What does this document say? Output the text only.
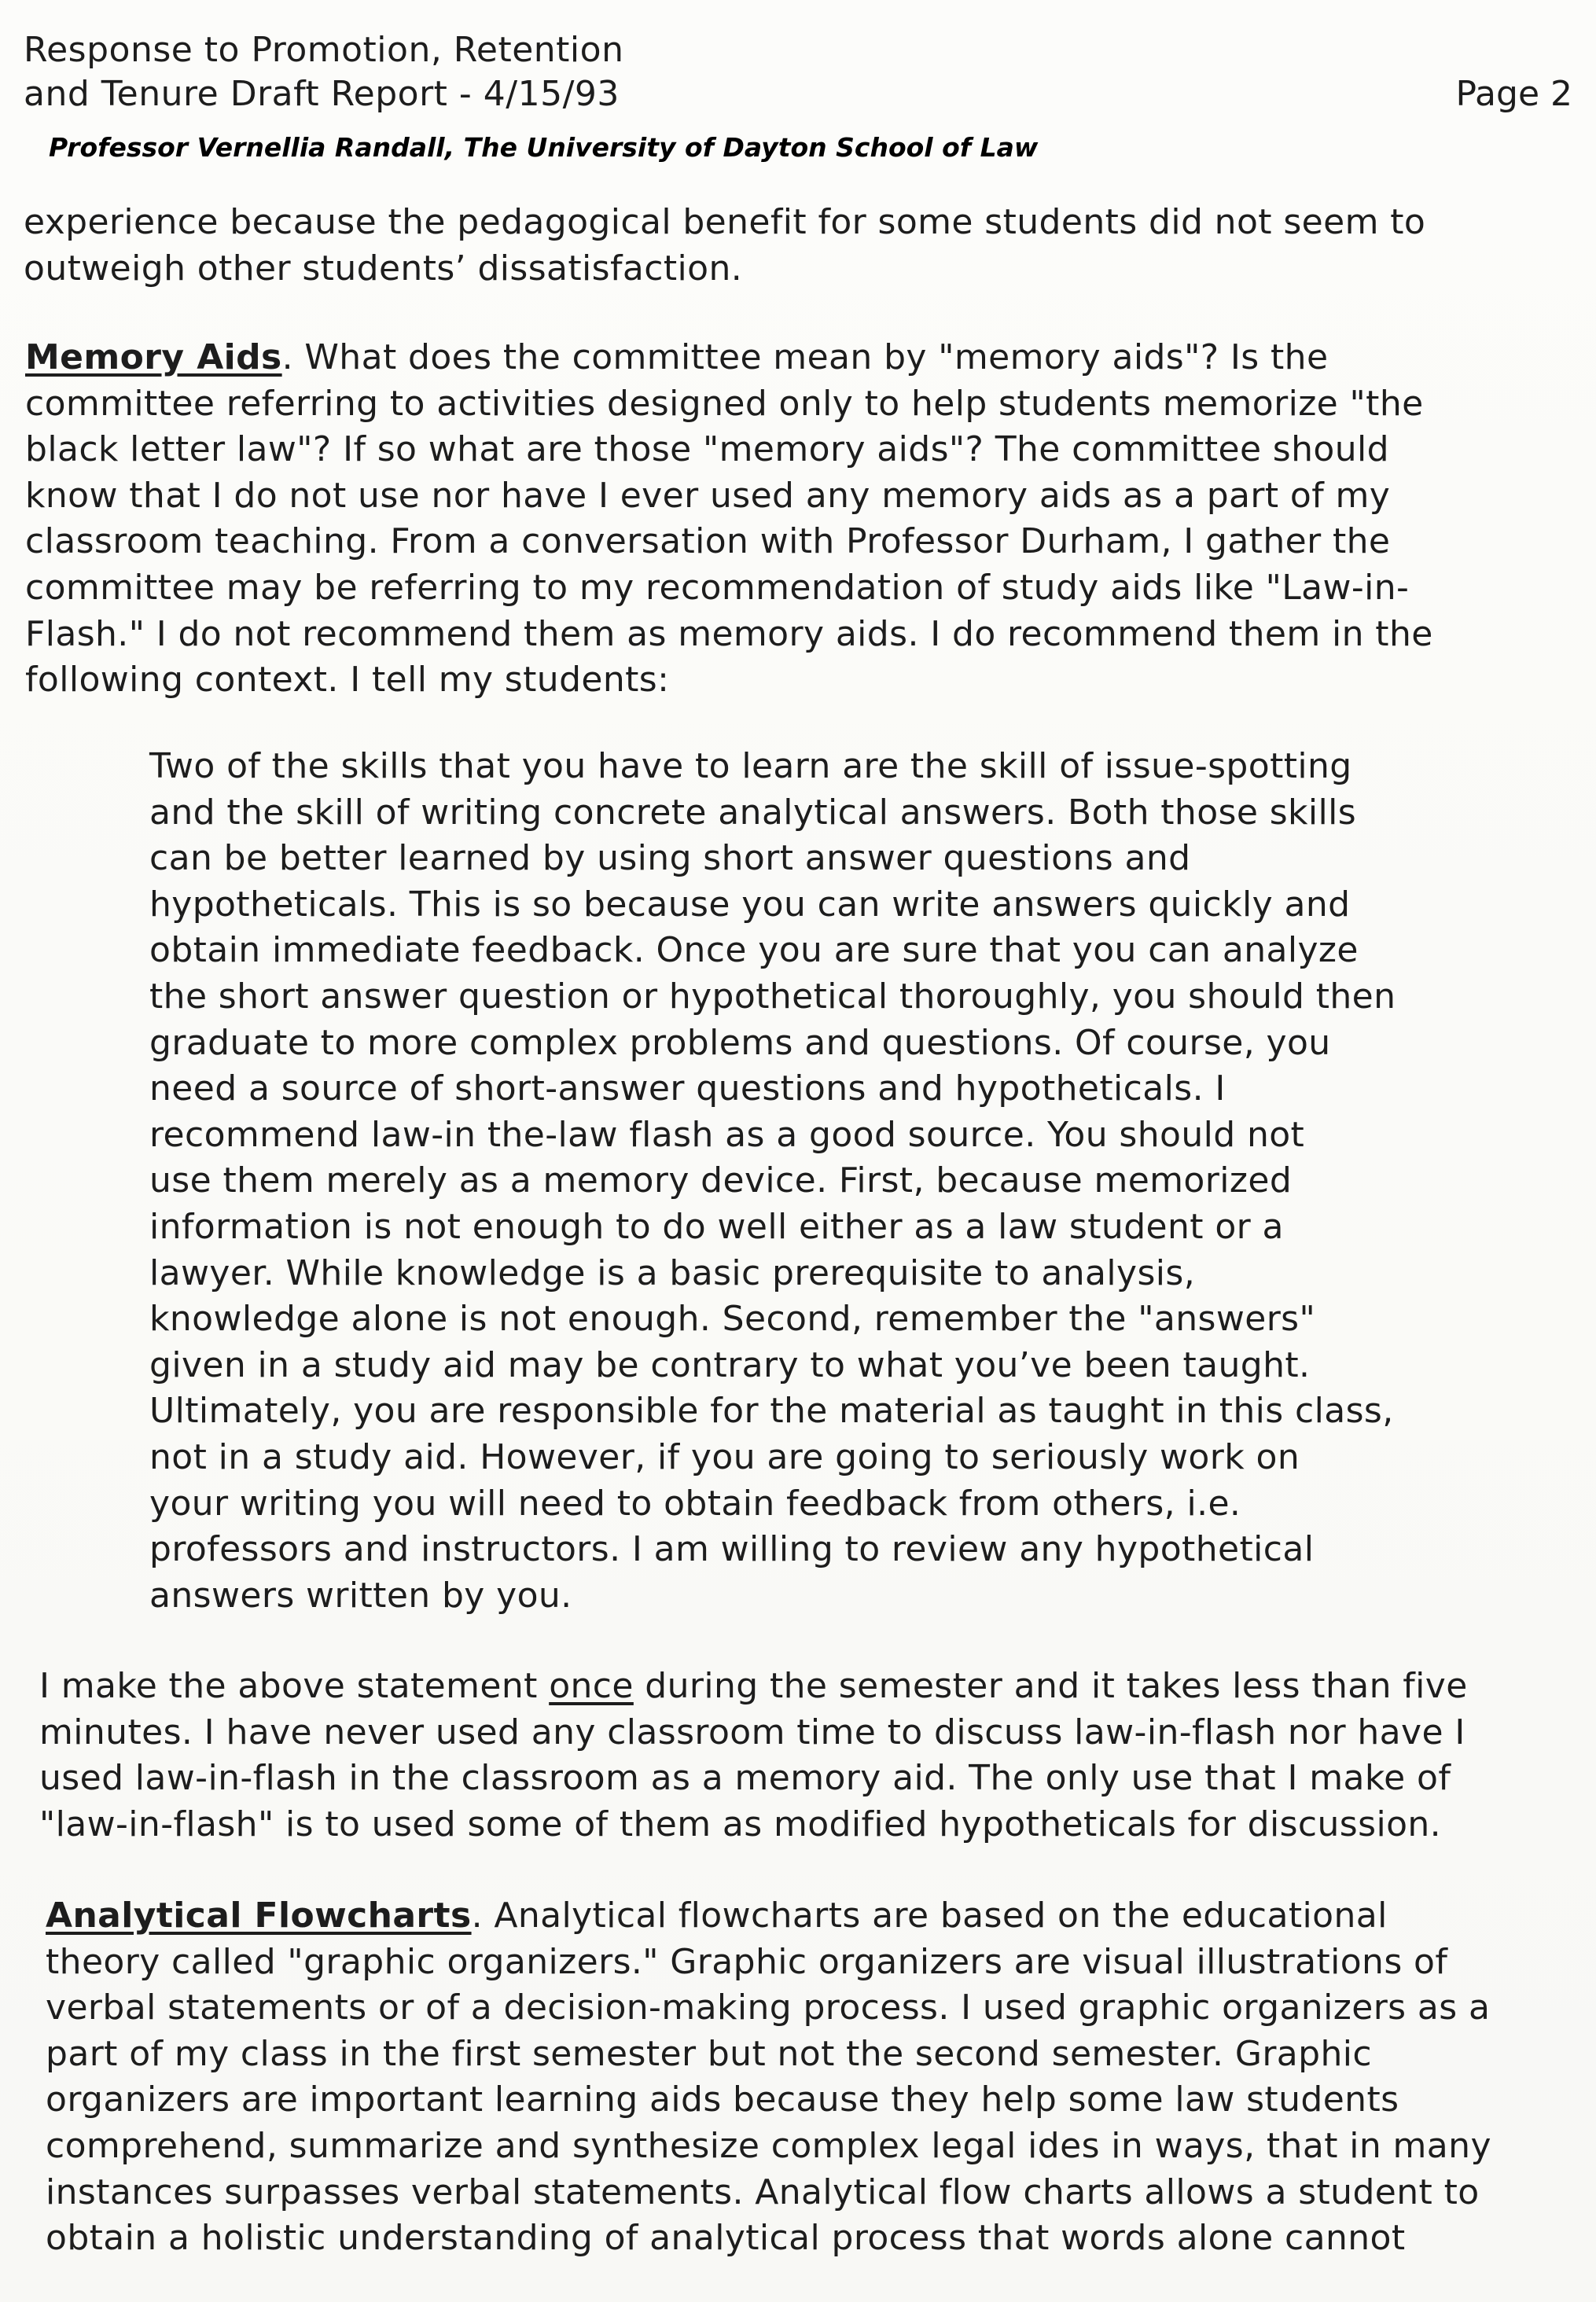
Response to Promotion, Retention
and Tenure Draft Report - 4/15/93	Page 2
Professor Vernellia Randall, The University of Dayton School of Law

experience because the pedagogical benefit for some students did not seem to
outweigh other students’ dissatisfaction.

Memory Aids. What does the committee mean by "memory aids"? Is the
committee referring to activities designed only to help students memorize "the
black letter law"? If so what are those "memory aids"? The committee should
know that I do not use nor have I ever used any memory aids as a part of my
classroom teaching. From a conversation with Professor Durham, I gather the
committee may be referring to my recommendation of study aids like "Law-in-
Flash." I do not recommend them as memory aids. I do recommend them in the
following context. I tell my students:

Two of the skills that you have to learn are the skill of issue-spotting
and the skill of writing concrete analytical answers. Both those skills
can be better learned by using short answer questions and
hypotheticals. This is so because you can write answers quickly and
obtain immediate feedback. Once you are sure that you can analyze
the short answer question or hypothetical thoroughly, you should then
graduate to more complex problems and questions. Of course, you
need a source of short-answer questions and hypotheticals. I
recommend law-in the-law flash as a good source. You should not
use them merely as a memory device. First, because memorized
information is not enough to do well either as a law student or a
lawyer. While knowledge is a basic prerequisite to analysis,
knowledge alone is not enough. Second, remember the "answers"
given in a study aid may be contrary to what you’ve been taught.
Ultimately, you are responsible for the material as taught in this class,
not in a study aid. However, if you are going to seriously work on
your writing you will need to obtain feedback from others, i.e.
professors and instructors. I am willing to review any hypothetical
answers written by you.

I make the above statement once during the semester and it takes less than five
minutes. I have never used any classroom time to discuss law-in-flash nor have I
used law-in-flash in the classroom as a memory aid. The only use that I make of
"law-in-flash" is to used some of them as modified hypotheticals for discussion.

Analytical Flowcharts. Analytical flowcharts are based on the educational
theory called "graphic organizers." Graphic organizers are visual illustrations of
verbal statements or of a decision-making process. I used graphic organizers as a
part of my class in the first semester but not the second semester. Graphic
organizers are important learning aids because they help some law students
comprehend, summarize and synthesize complex legal ides in ways, that in many
instances surpasses verbal statements. Analytical flow charts allows a student to
obtain a holistic understanding of analytical process that words alone cannot
